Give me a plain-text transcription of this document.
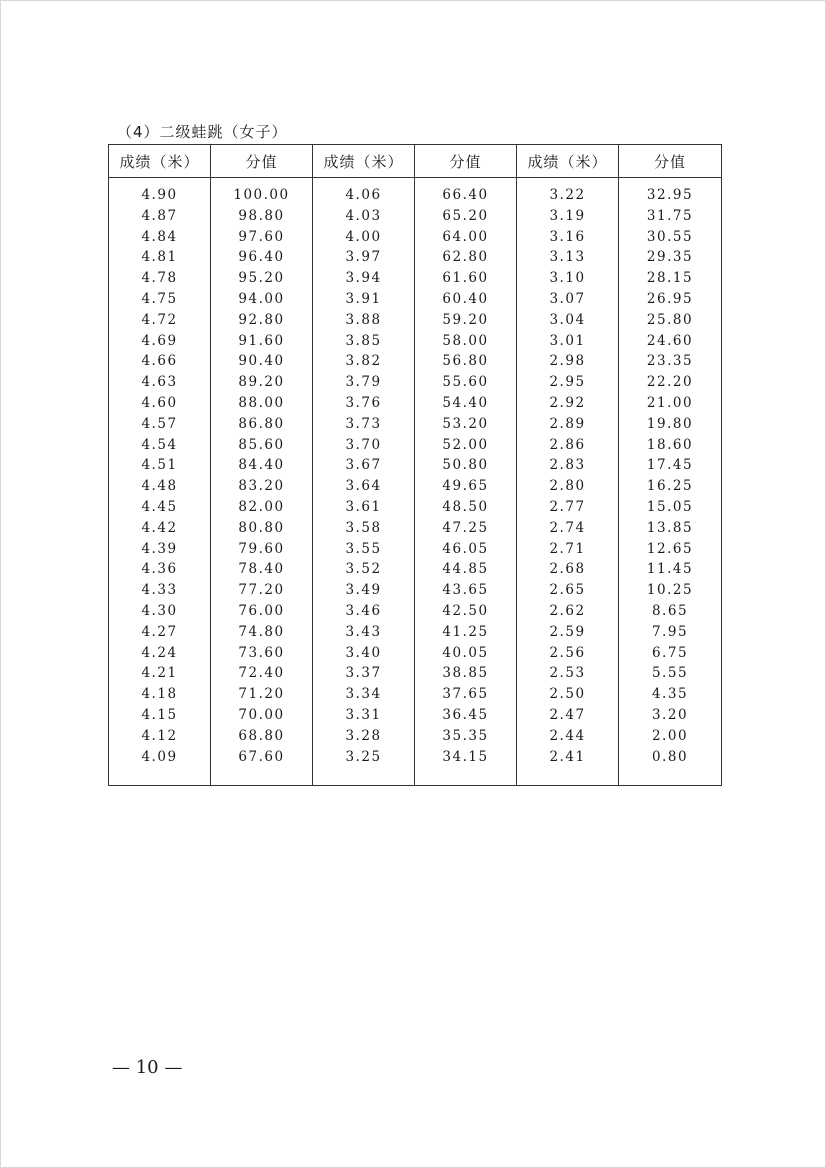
（4）二级蛙跳（女子）
成绩（米）	分值	成绩（米）	分值	成绩（米）	分值
4.90	100.00	4.06	66.40	3.22	32.95
4.87	98.80	4.03	65.20	3.19	31.75
4.84	97.60	4.00	64.00	3.16	30.55
4.81	96.40	3.97	62.80	3.13	29.35
4.78	95.20	3.94	61.60	3.10	28.15
4.75	94.00	3.91	60.40	3.07	26.95
4.72	92.80	3.88	59.20	3.04	25.80
4.69	91.60	3.85	58.00	3.01	24.60
4.66	90.40	3.82	56.80	2.98	23.35
4.63	89.20	3.79	55.60	2.95	22.20
4.60	88.00	3.76	54.40	2.92	21.00
4.57	86.80	3.73	53.20	2.89	19.80
4.54	85.60	3.70	52.00	2.86	18.60
4.51	84.40	3.67	50.80	2.83	17.45
4.48	83.20	3.64	49.65	2.80	16.25
4.45	82.00	3.61	48.50	2.77	15.05
4.42	80.80	3.58	47.25	2.74	13.85
4.39	79.60	3.55	46.05	2.71	12.65
4.36	78.40	3.52	44.85	2.68	11.45
4.33	77.20	3.49	43.65	2.65	10.25
4.30	76.00	3.46	42.50	2.62	8.65
4.27	74.80	3.43	41.25	2.59	7.95
4.24	73.60	3.40	40.05	2.56	6.75
4.21	72.40	3.37	38.85	2.53	5.55
4.18	71.20	3.34	37.65	2.50	4.35
4.15	70.00	3.31	36.45	2.47	3.20
4.12	68.80	3.28	35.35	2.44	2.00
4.09	67.60	3.25	34.15	2.41	0.80

— 10 —
